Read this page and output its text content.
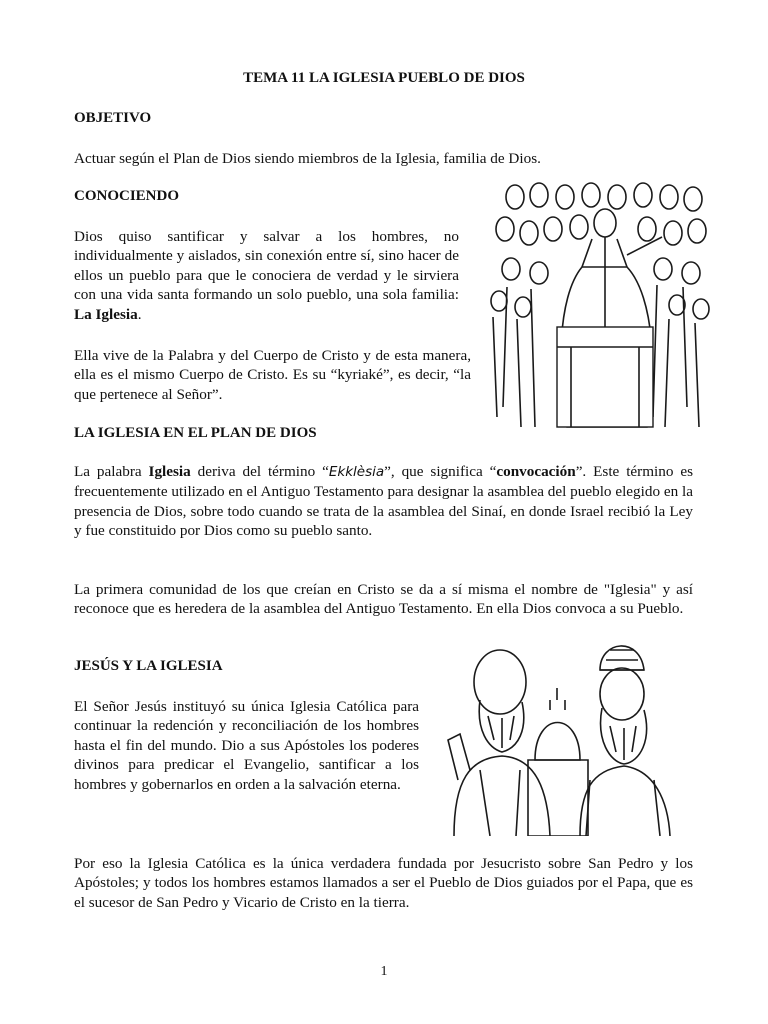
TEMA 11 LA IGLESIA PUEBLO DE DIOS
OBJETIVO

Actuar según el Plan de Dios siendo miembros de la Iglesia, familia de Dios.

CONOCIENDO

Dios quiso santificar y salvar a los hombres, no individualmente y aislados, sin conexión entre sí, sino hacer de ellos un pueblo para que le conociera de verdad y le sirviera con una vida santa formando un solo pueblo, una sola familia: La Iglesia.

Ella vive de la Palabra y del Cuerpo de Cristo y de esta manera, ella es el mismo Cuerpo de Cristo. Es su “kyriaké”, es decir, “la que pertenece al Señor”.

LA IGLESIA EN EL PLAN DE DIOS

La palabra Iglesia deriva del término “Ekklèsia”, que significa “convocación”. Este término es frecuentemente utilizado en el Antiguo Testamento para designar la asamblea del pueblo elegido en la presencia de Dios, sobre todo cuando se trata de la asamblea del Sinaí, en donde Israel recibió la Ley y fue constituido por Dios como su pueblo santo.

La primera comunidad de los que creían en Cristo se da a sí misma el nombre de "Iglesia" y así reconoce que es heredera de la asamblea del Antiguo Testamento. En ella Dios convoca a su Pueblo.

JESÚS Y LA IGLESIA

El Señor Jesús instituyó su única Iglesia Católica para continuar la redención y reconciliación de los hombres hasta el fin del mundo. Dio a sus Apóstoles los poderes divinos para predicar el Evangelio, santificar a los hombres y gobernarlos en orden a la salvación eterna.

Por eso la Iglesia Católica es la única verdadera fundada por Jesucristo sobre San Pedro y los Apóstoles; y todos los hombres estamos llamados a ser el Pueblo de Dios guiados por el Papa, que es el sucesor de San Pedro y Vicario de Cristo en la tierra.

1
